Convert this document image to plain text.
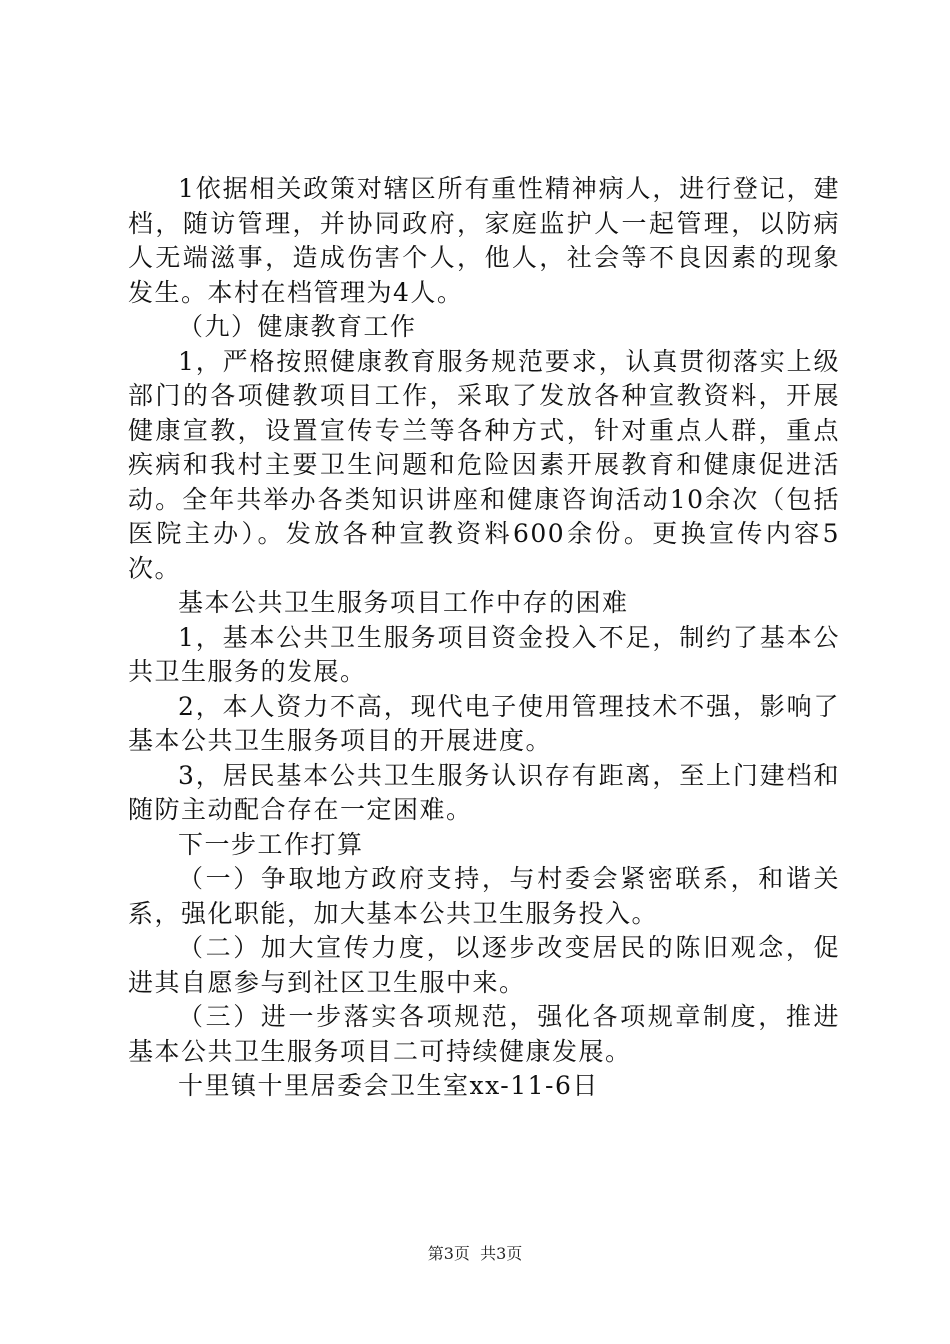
1依据相关政策对辖区所有重性精神病人，进行登记，建档，随访管理，并协同政府，家庭监护人一起管理，以防病人无端滋事，造成伤害个人，他人，社会等不良因素的现象发生。本村在档管理为4人。

（九）健康教育工作

1，严格按照健康教育服务规范要求，认真贯彻落实上级部门的各项健教项目工作，采取了发放各种宣教资料，开展健康宣教，设置宣传专兰等各种方式，针对重点人群，重点疾病和我村主要卫生问题和危险因素开展教育和健康促进活动。全年共举办各类知识讲座和健康咨询活动10余次（包括医院主办）。发放各种宣教资料600余份。更换宣传内容5次。

基本公共卫生服务项目工作中存的困难

1，基本公共卫生服务项目资金投入不足，制约了基本公共卫生服务的发展。

2，本人资力不高，现代电子使用管理技术不强，影响了基本公共卫生服务项目的开展进度。

3，居民基本公共卫生服务认识存有距离，至上门建档和随防主动配合存在一定困难。

下一步工作打算

（一）争取地方政府支持，与村委会紧密联系，和谐关系，强化职能，加大基本公共卫生服务投入。

（二）加大宣传力度，以逐步改变居民的陈旧观念，促进其自愿参与到社区卫生服中来。

（三）进一步落实各项规范，强化各项规章制度，推进基本公共卫生服务项目二可持续健康发展。

十里镇十里居委会卫生室xx-11-6日

第3页  共3页
